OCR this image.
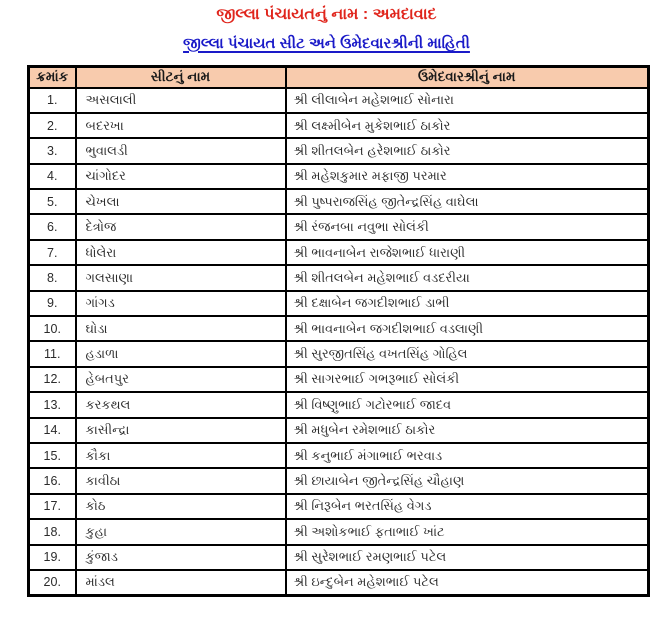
જીલ્લા પંચાયતનું નામ : અમદાવાદ
જીલ્લા પંચાયત સીટ અને ઉમેદવારશ્રીની માહિતી
ક્રમાંક	સીટનું નામ	ઉમેદવારશ્રીનું નામ
1.	અસલાલી	શ્રી લીલાબેન મહેશભાઈ સોનારા
2.	બદરખા	શ્રી લક્ષ્મીબેન મુકેશભાઈ ઠાકોર
3.	ભુવાલડી	શ્રી શીતલબેન હરેશભાઈ ઠાકોર
4.	ચાંગોદર	શ્રી મહેશકુમાર મફાજી પરમાર
5.	ચેખલા	શ્રી પુષ્પરાજસિંહ જીતેન્દ્રસિંહ વાઘેલા
6.	દેત્રોજ	શ્રી રંજનબા નવુભા સોલંકી
7.	ધોલેરા	શ્રી ભાવનાબેન રાજેશભાઈ ધારાણી
8.	ગલસાણા	શ્રી શીતલબેન મહેશભાઈ વડદરીયા
9.	ગાંગડ	શ્રી દક્ષાબેન જગદીશભાઈ ડાભી
10.	ઘોડા	શ્રી ભાવનાબેન જગદીશભાઈ વડલાણી
11.	હડાળા	શ્રી સુરજીતસિંહ વખતસિંહ ગોહિલ
12.	હેબતપુર	શ્રી સાગરભાઈ ગભરૂભાઈ સોલંકી
13.	કરકથલ	શ્રી વિષ્ણુભાઈ ગટોરભાઈ જાદવ
14.	કાસીન્દ્રા	શ્રી મધુબેન રમેશભાઈ ઠાકોર
15.	કૌકા	શ્રી કનુભાઈ મંગાભાઈ ભરવાડ
16.	કાવીઠા	શ્રી છાયાબેન જીતેન્દ્રસિંહ ચૌહાણ
17.	કોઠ	શ્રી નિરૂબેન ભરતસિંહ વેગડ
18.	કુહા	શ્રી અશોકભાઈ ફતાભાઈ ખાંટ
19.	કુંજાડ	શ્રી સુરેશભાઈ રમણભાઈ પટેલ
20.	માંડલ	શ્રી ઇન્દુબેન મહેશભાઈ પટેલ
